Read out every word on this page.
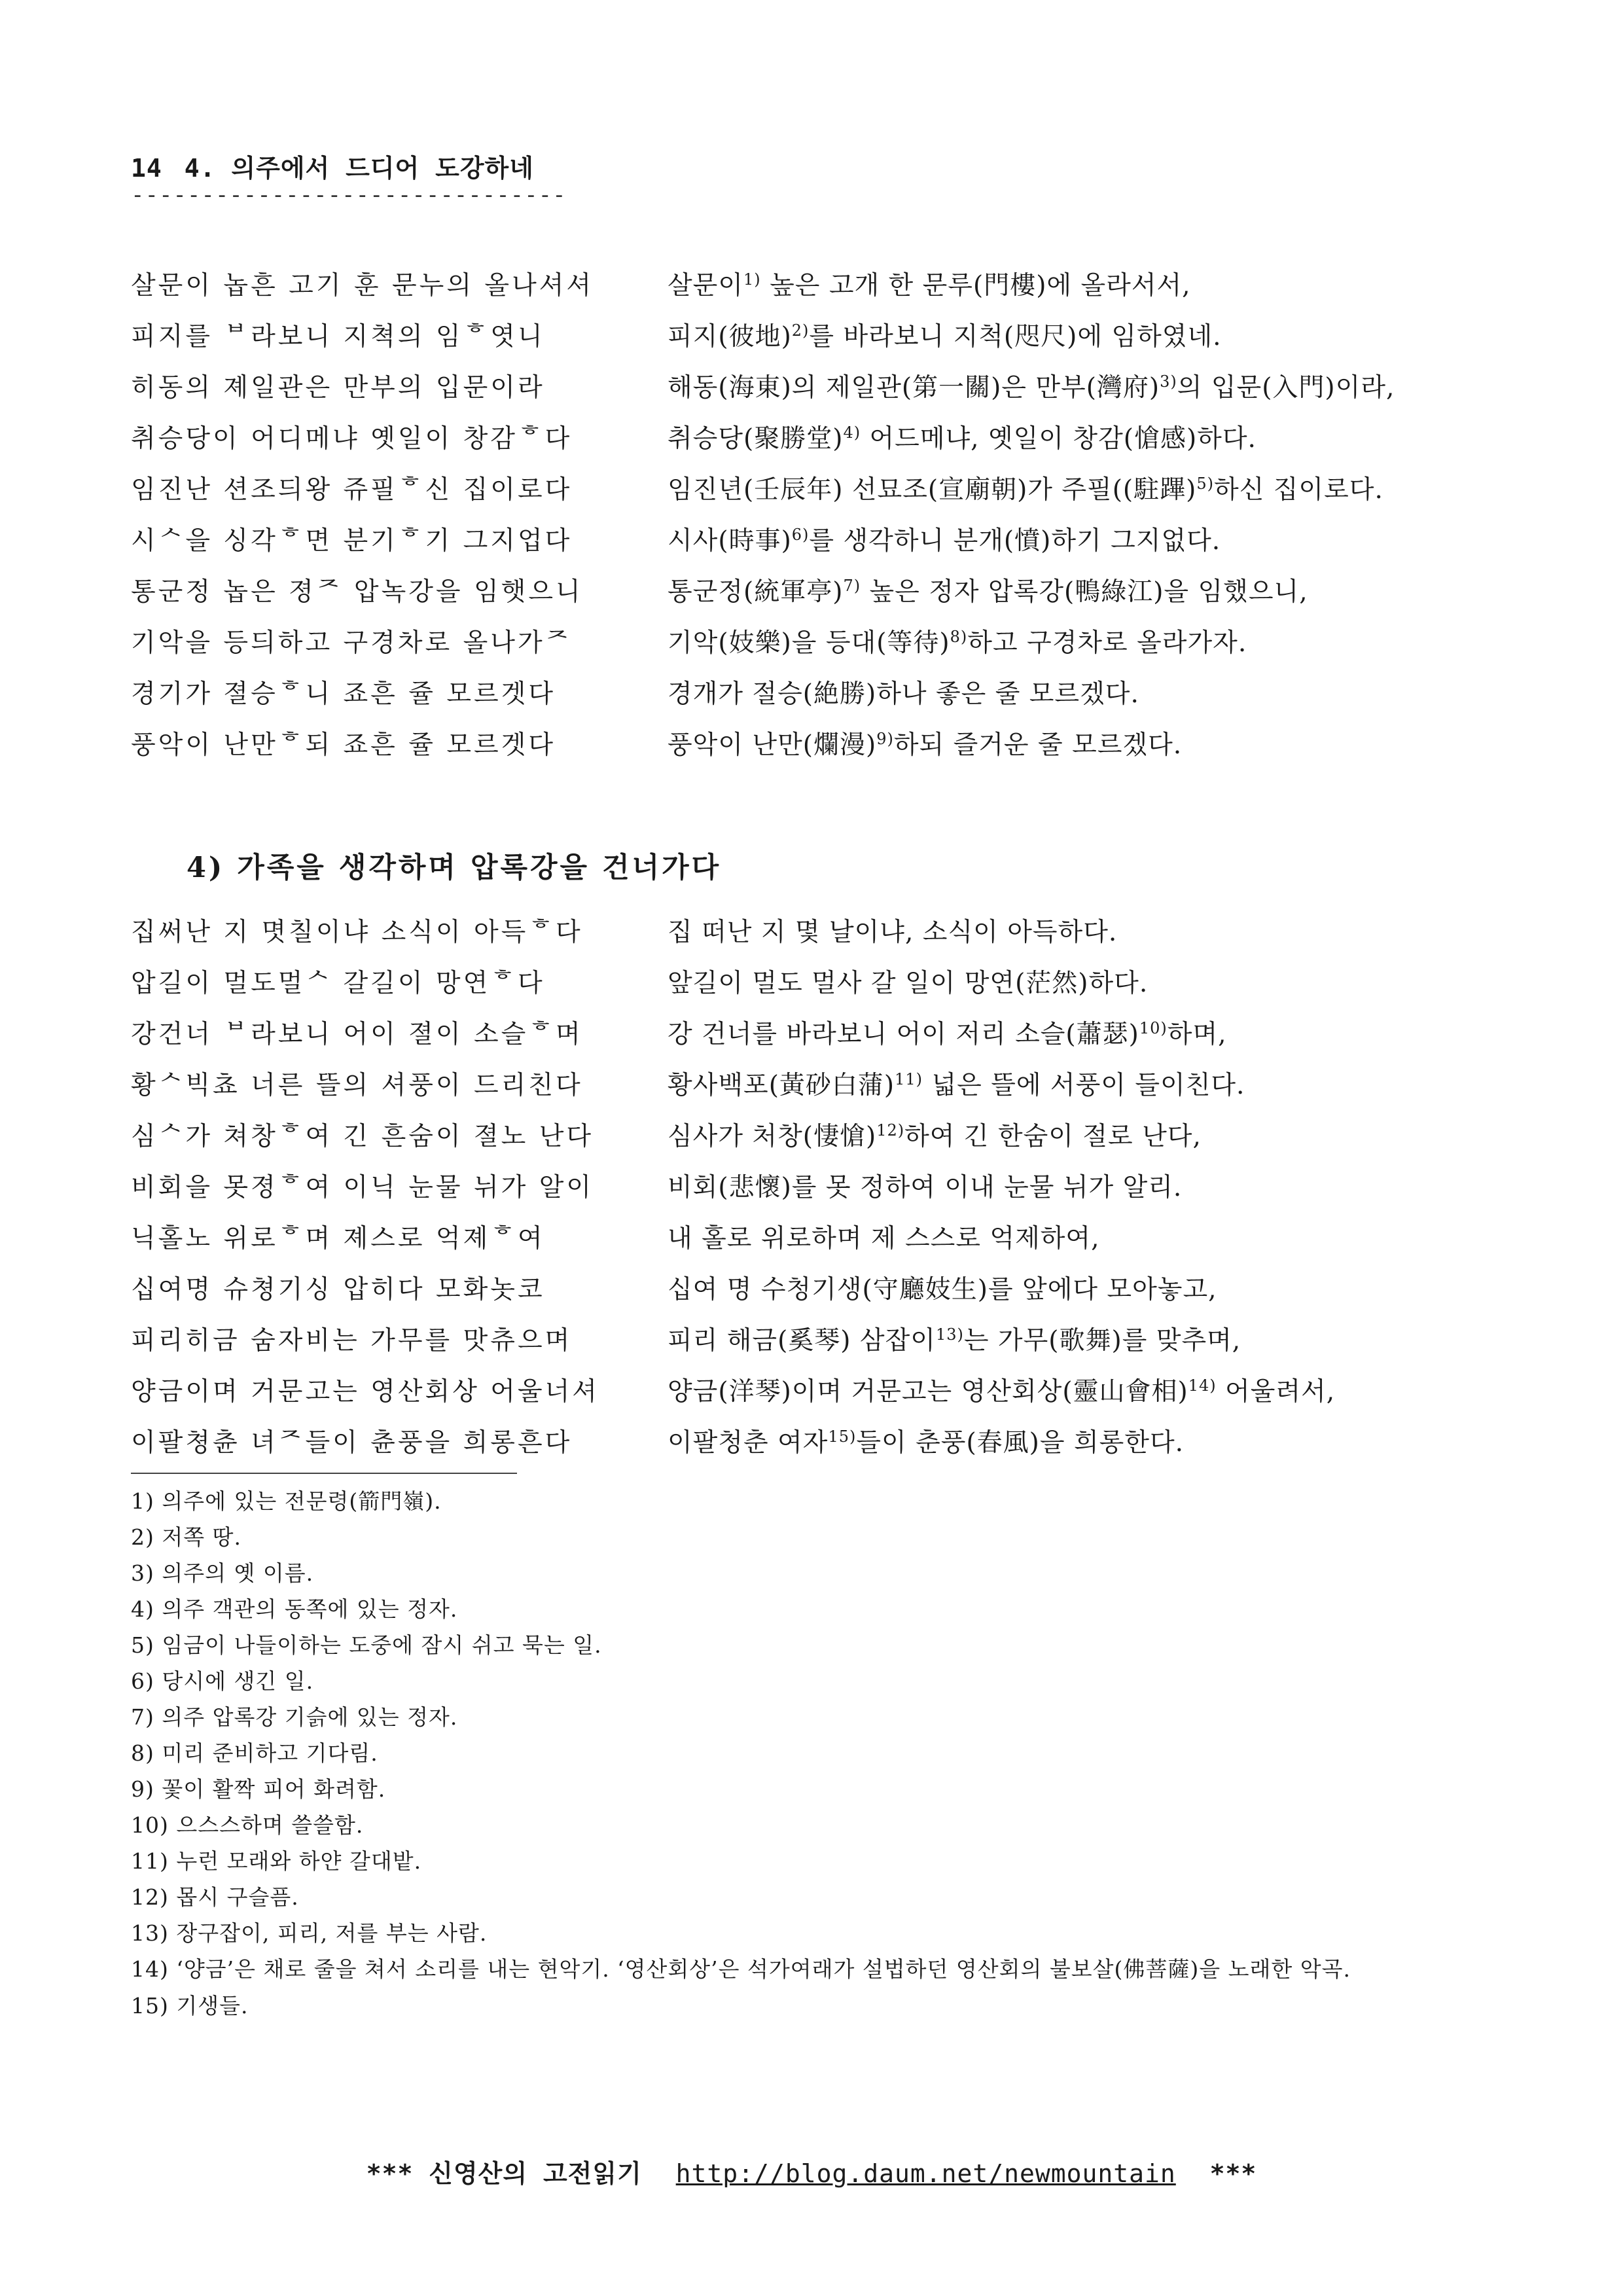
14 4. 의주에서 드디어 도강하네
-------------------------------
살문이 놉흔 고기 훈 문누의 올나셔셔	살문이$^{1)}$ 높은 고개 한 문루(門樓)에 올라서서,
피지를 ᄇ라보니 지쳑의 임ᄒ엿니	피지(彼地)$^{2)}$를 바라보니 지척(咫尺)에 임하였네.
히동의 졔일관은 만부의 입문이라	해동(海東)의 제일관(第一關)은 만부(灣府)$^{3)}$의 입문(入門)이라,
취승당이 어디메냐 옛일이 창감ᄒ다	취승당(聚勝堂)$^{4)}$ 어드메냐, 옛일이 창감(愴感)하다.
임진난 션조듸왕 쥬필ᄒ신 집이로다	임진년(壬辰年) 선묘조(宣廟朝)가 주필((駐蹕)$^{5)}$하신 집이로다.
시ᄉ을 싱각ᄒ면 분기ᄒ기 그지업다	시사(時事)$^{6)}$를 생각하니 분개(憤)하기 그지없다.
통군정 놉은 졍ᄌ 압녹강을 임햇으니	통군정(統軍亭)$^{7)}$ 높은 정자 압록강(鴨綠江)을 임했으니,
기악을 등듸하고 구경차로 올나가ᄌ	기악(妓樂)을 등대(等待)$^{8)}$하고 구경차로 올라가자.
경기가 졀승ᄒ니 죠흔 쥴 모르겟다	경개가 절승(絶勝)하나 좋은 줄 모르겠다.
풍악이 난만ᄒ되 죠흔 쥴 모르겟다	풍악이 난만(爛漫)$^{9)}$하되 즐거운 줄 모르겠다.
4) 가족을 생각하며 압록강을 건너가다
집써난 지 몃칠이냐 소식이 아득ᄒ다	집 떠난 지 몇 날이냐, 소식이 아득하다.
압길이 멀도멀ᄉ 갈길이 망연ᄒ다	앞길이 멀도 멀사 갈 일이 망연(茫然)하다.
강건너 ᄇ라보니 어이 졀이 소슬ᄒ며	강 건너를 바라보니 어이 저리 소슬(蕭瑟)$^{10)}$하며,
황ᄉ빅쵸 너른 뜰의 셔풍이 드리친다	황사백포(黃砂白蒲)$^{11)}$ 넓은 뜰에 서풍이 들이친다.
심ᄉ가 쳐창ᄒ여 긴 흔숨이 졀노 난다	심사가 처창(悽愴)$^{12)}$하여 긴 한숨이 절로 난다,
비회을 못졍ᄒ여 이닉 눈물 뉘가 알이	비회(悲懷)를 못 정하여 이내 눈물 뉘가 알리.
닉홀노 위로ᄒ며 졔스로 억졔ᄒ여	내 홀로 위로하며 제 스스로 억제하여,
십여명 슈쳥기싱 압히다 모화놋코	십여 명 수청기생(守廳妓生)를 앞에다 모아놓고,
피리히금 숨자비는 가무를 맛츄으며	피리 해금(奚琴) 삼잡이$^{13)}$는 가무(歌舞)를 맞추며,
양금이며 거문고는 영산회상 어울너셔	양금(洋琴)이며 거문고는 영산회상(靈山會相)$^{14)}$ 어울려서,
이팔쳥츈 녀ᄌ들이 츈풍을 희롱흔다	이팔청춘 여자$^{15)}$들이 춘풍(春風)을 희롱한다.
1) 의주에 있는 전문령(箭門嶺).
2) 저쪽 땅.
3) 의주의 옛 이름.
4) 의주 객관의 동쪽에 있는 정자.
5) 임금이 나들이하는 도중에 잠시 쉬고 묵는 일.
6) 당시에 생긴 일.
7) 의주 압록강 기슭에 있는 정자.
8) 미리 준비하고 기다림.
9) 꽃이 활짝 피어 화려함.
10) 으스스하며 쓸쓸함.
11) 누런 모래와 하얀 갈대밭.
12) 몹시 구슬픔.
13) 장구잡이, 피리, 저를 부는 사람.
14) ‘양금’은 채로 줄을 쳐서 소리를 내는 현악기. ‘영산회상’은 석가여래가 설법하던 영산회의 불보살(佛菩薩)을 노래한 악곡.
15) 기생들.
*** 신영산의 고전읽기 http://blog.daum.net/newmountain ***
